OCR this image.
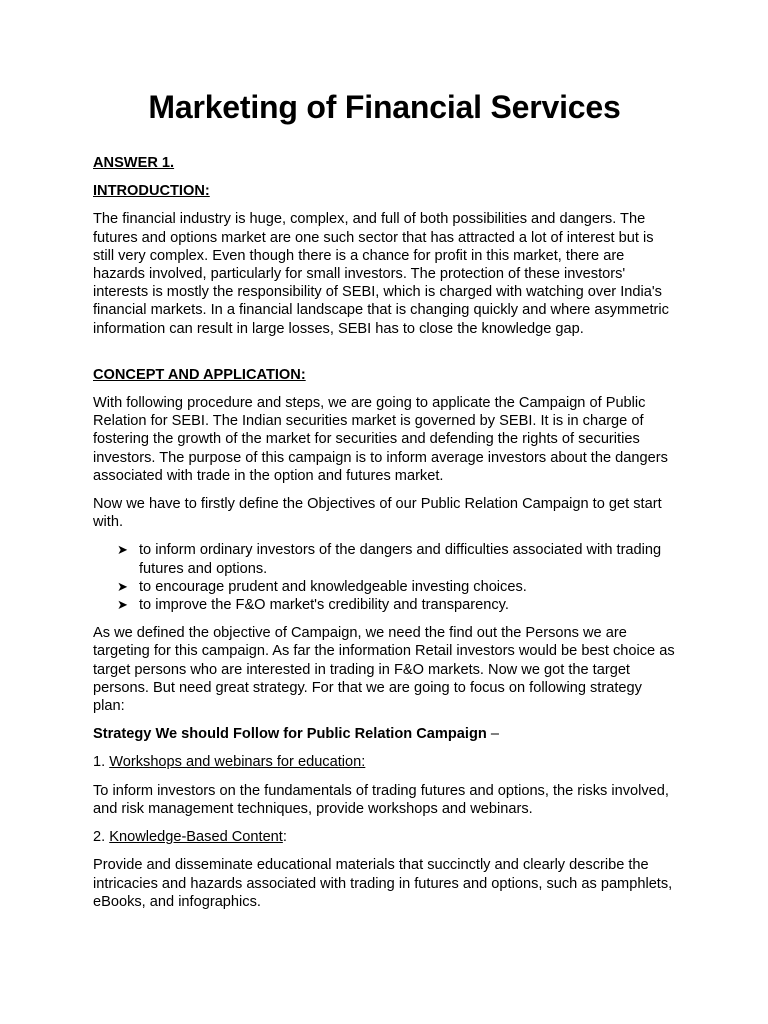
Marketing of Financial Services

ANSWER 1.

INTRODUCTION:

The financial industry is huge, complex, and full of both possibilities and dangers. The futures and options market are one such sector that has attracted a lot of interest but is still very complex. Even though there is a chance for profit in this market, there are hazards involved, particularly for small investors. The protection of these investors' interests is mostly the responsibility of SEBI, which is charged with watching over India's financial markets. In a financial landscape that is changing quickly and where asymmetric information can result in large losses, SEBI has to close the knowledge gap.

CONCEPT AND APPLICATION:

With following procedure and steps, we are going to applicate the Campaign of Public Relation for SEBI. The Indian securities market is governed by SEBI. It is in charge of fostering the growth of the market for securities and defending the rights of securities investors. The purpose of this campaign is to inform average investors about the dangers associated with trade in the option and futures market.

Now we have to firstly define the Objectives of our Public Relation Campaign to get start with.

➤ to inform ordinary investors of the dangers and difficulties associated with trading futures and options.
➤ to encourage prudent and knowledgeable investing choices.
➤ to improve the F&O market's credibility and transparency.

As we defined the objective of Campaign, we need the find out the Persons we are targeting for this campaign. As far the information Retail investors would be best choice as target persons who are interested in trading in F&O markets. Now we got the target persons. But need great strategy. For that we are going to focus on following strategy plan:

Strategy We should Follow for Public Relation Campaign –

1. Workshops and webinars for education:

To inform investors on the fundamentals of trading futures and options, the risks involved, and risk management techniques, provide workshops and webinars.

2. Knowledge-Based Content:

Provide and disseminate educational materials that succinctly and clearly describe the intricacies and hazards associated with trading in futures and options, such as pamphlets, eBooks, and infographics.
